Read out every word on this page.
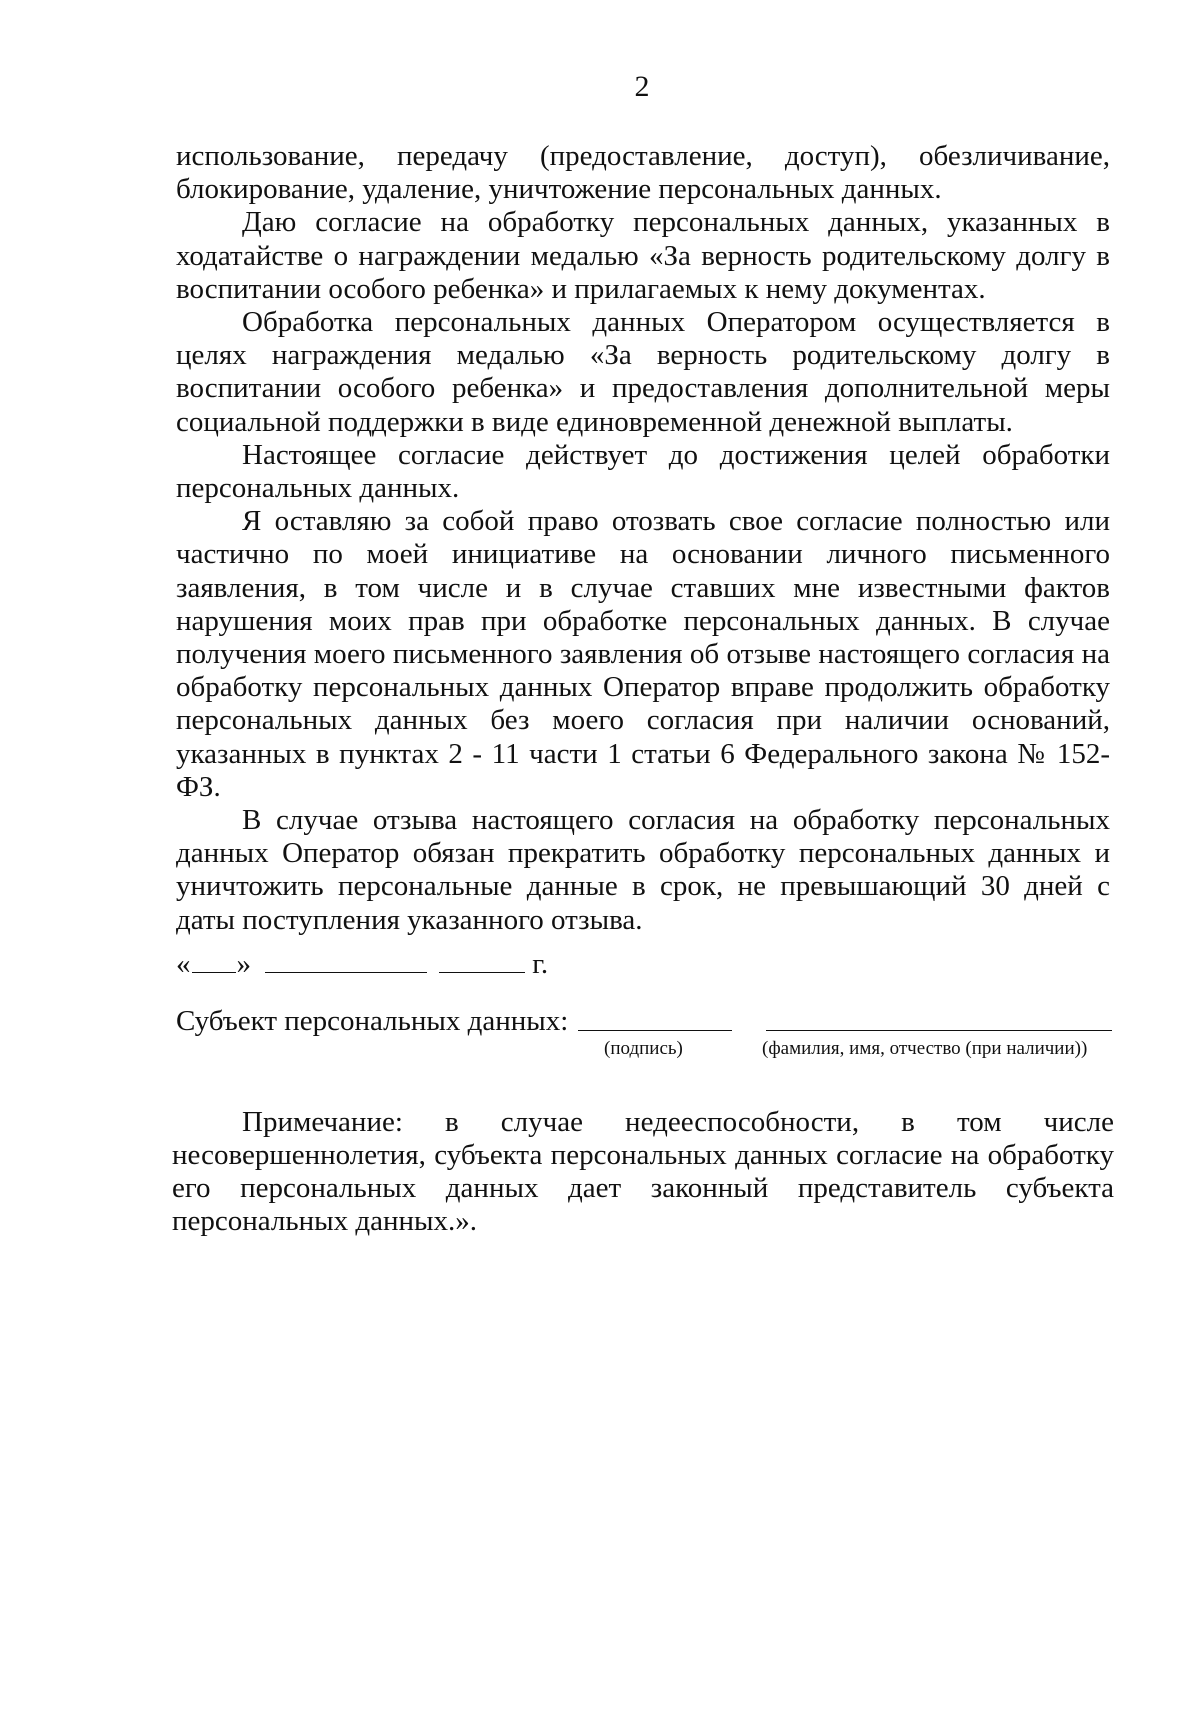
2

использование, передачу (предоставление, доступ), обезличивание, блокирование, удаление, уничтожение персональных данных.

Даю согласие на обработку персональных данных, указанных в ходатайстве о награждении медалью «За верность родительскому долгу в воспитании особого ребенка» и прилагаемых к нему документах.

Обработка персональных данных Оператором осуществляется в целях награждения медалью «За верность родительскому долгу в воспитании особого ребенка» и предоставления дополнительной меры социальной поддержки в виде единовременной денежной выплаты.

Настоящее согласие действует до достижения целей обработки персональных данных.

Я оставляю за собой право отозвать свое согласие полностью или частично по моей инициативе на основании личного письменного заявления, в том числе и в случае ставших мне известными фактов нарушения моих прав при обработке персональных данных. В случае получения моего письменного заявления об отзыве настоящего согласия на обработку персональных данных Оператор вправе продолжить обработку персональных данных без моего согласия при наличии оснований, указанных в пунктах 2 - 11 части 1 статьи 6 Федерального закона № 152-ФЗ.

В случае отзыва настоящего согласия на обработку персональных данных Оператор обязан прекратить обработку персональных данных и уничтожить персональные данные в срок, не превышающий 30 дней с даты поступления указанного отзыва.

« »	г.
Субъект персональных данных:
(подпись)	(фамилия, имя, отчество (при наличии))

Примечание: в случае недееспособности, в том числе несовершеннолетия, субъекта персональных данных согласие на обработку его персональных данных дает законный представитель субъекта персональных данных.».
